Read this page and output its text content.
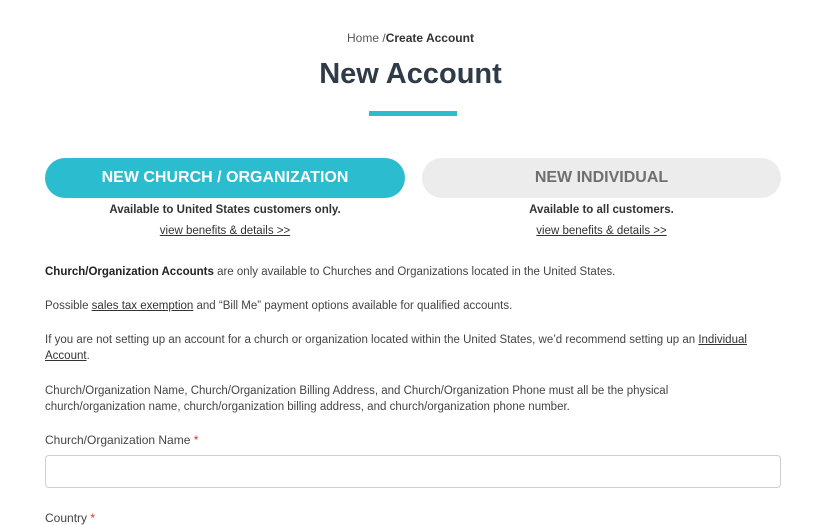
Home /Create Account
New Account
NEW CHURCH / ORGANIZATION	NEW INDIVIDUAL
Available to United States customers only.	Available to all customers.
view benefits & details >>	view benefits & details >>

Church/Organization Accounts are only available to Churches and Organizations located in the United States.

Possible sales tax exemption and “Bill Me” payment options available for qualified accounts.

If you are not setting up an account for a church or organization located within the United States, we’d recommend setting up an Individual Account.

Church/Organization Name, Church/Organization Billing Address, and Church/Organization Phone must all be the physical church/organization name, church/organization billing address, and church/organization phone number.

Church/Organization Name *
Country *
